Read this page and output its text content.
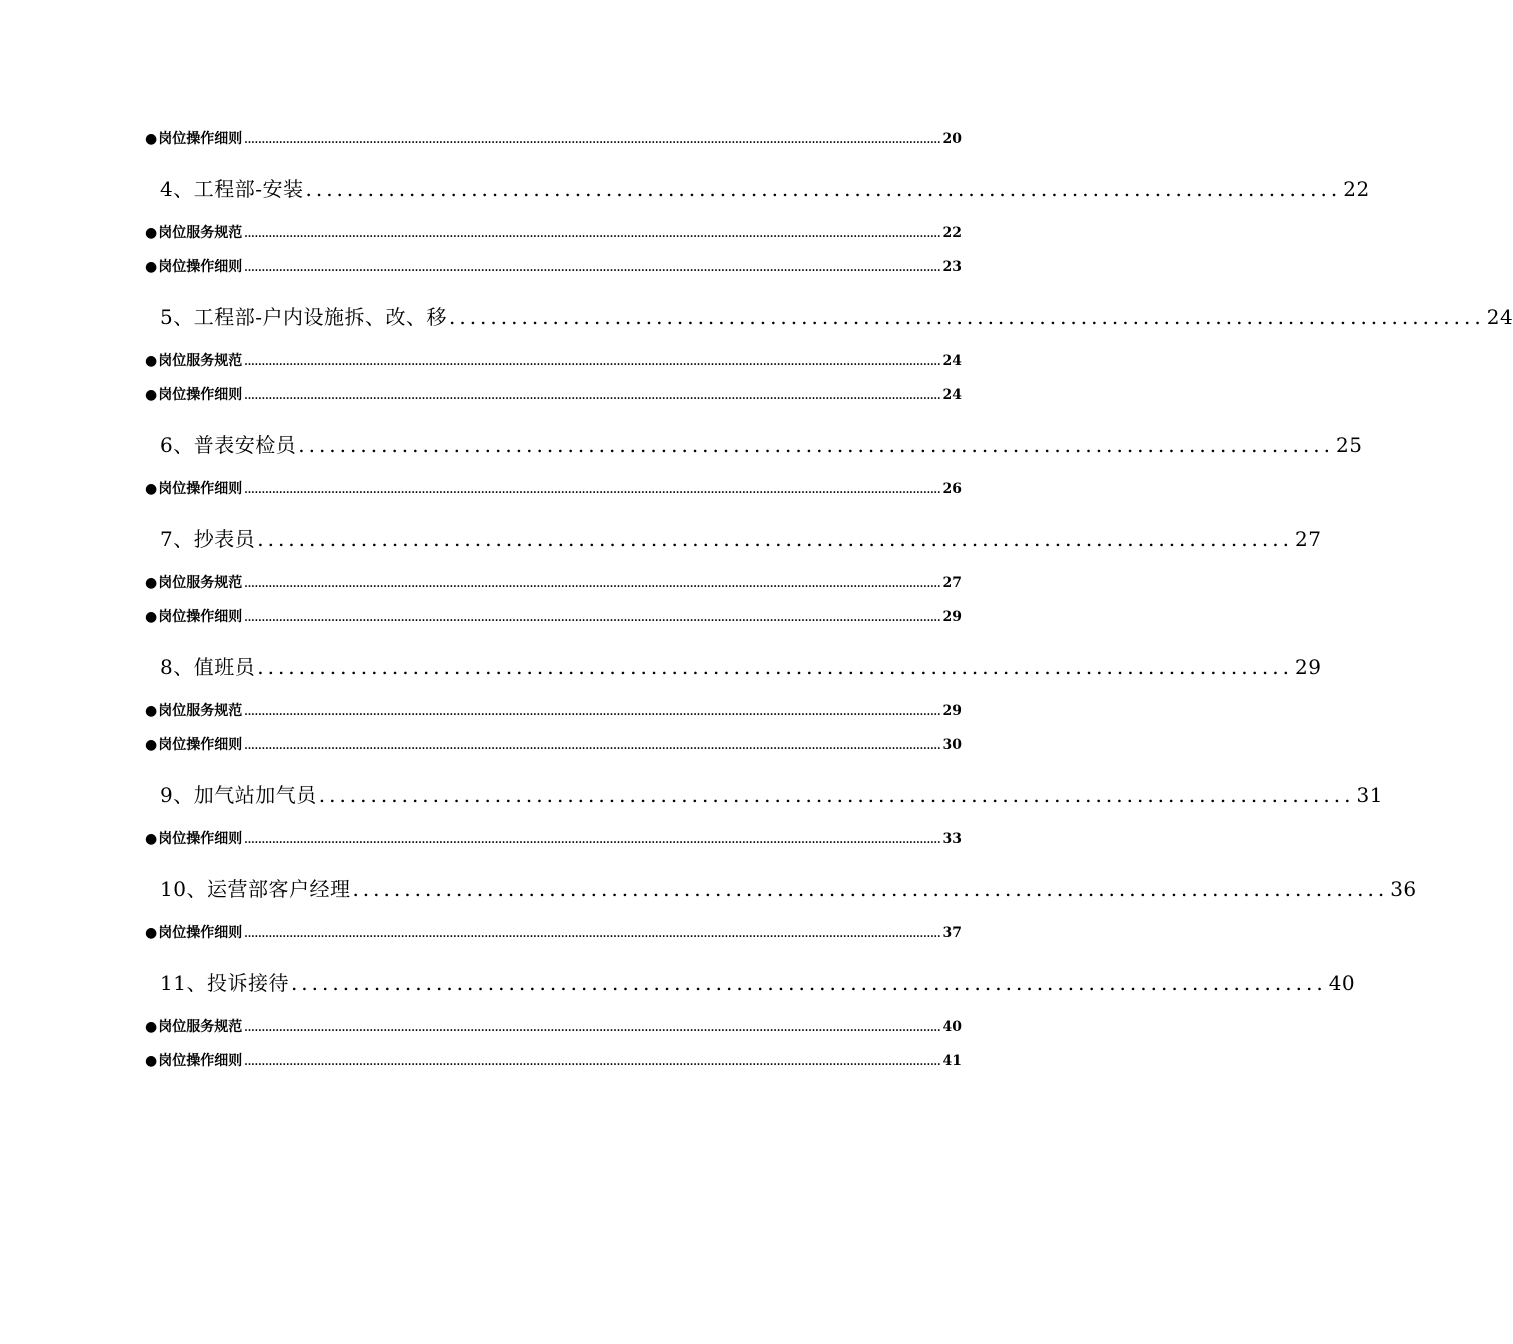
● 岗位操作细则 ........................................................................................................................................................................................................ 20
4、工程部-安装 .................................................................................................... 22
● 岗位服务规范 ........................................................................................................................................................................................................ 22
● 岗位操作细则 ........................................................................................................................................................................................................ 23
5、工程部-户内设施拆、改、移 .................................................................................................... 24
● 岗位服务规范 ........................................................................................................................................................................................................ 24
● 岗位操作细则 ........................................................................................................................................................................................................ 24
6、普表安检员 .................................................................................................... 25
● 岗位操作细则 ........................................................................................................................................................................................................ 26
7、抄表员 .................................................................................................... 27
● 岗位服务规范 ........................................................................................................................................................................................................ 27
● 岗位操作细则 ........................................................................................................................................................................................................ 29
8、值班员 .................................................................................................... 29
● 岗位服务规范 ........................................................................................................................................................................................................ 29
● 岗位操作细则 ........................................................................................................................................................................................................ 30
9、加气站加气员 .................................................................................................... 31
● 岗位操作细则 ........................................................................................................................................................................................................ 33
10、运营部客户经理 .................................................................................................... 36
● 岗位操作细则 ........................................................................................................................................................................................................ 37
11、投诉接待 .................................................................................................... 40
● 岗位服务规范 ........................................................................................................................................................................................................ 40
● 岗位操作细则 ........................................................................................................................................................................................................ 41
